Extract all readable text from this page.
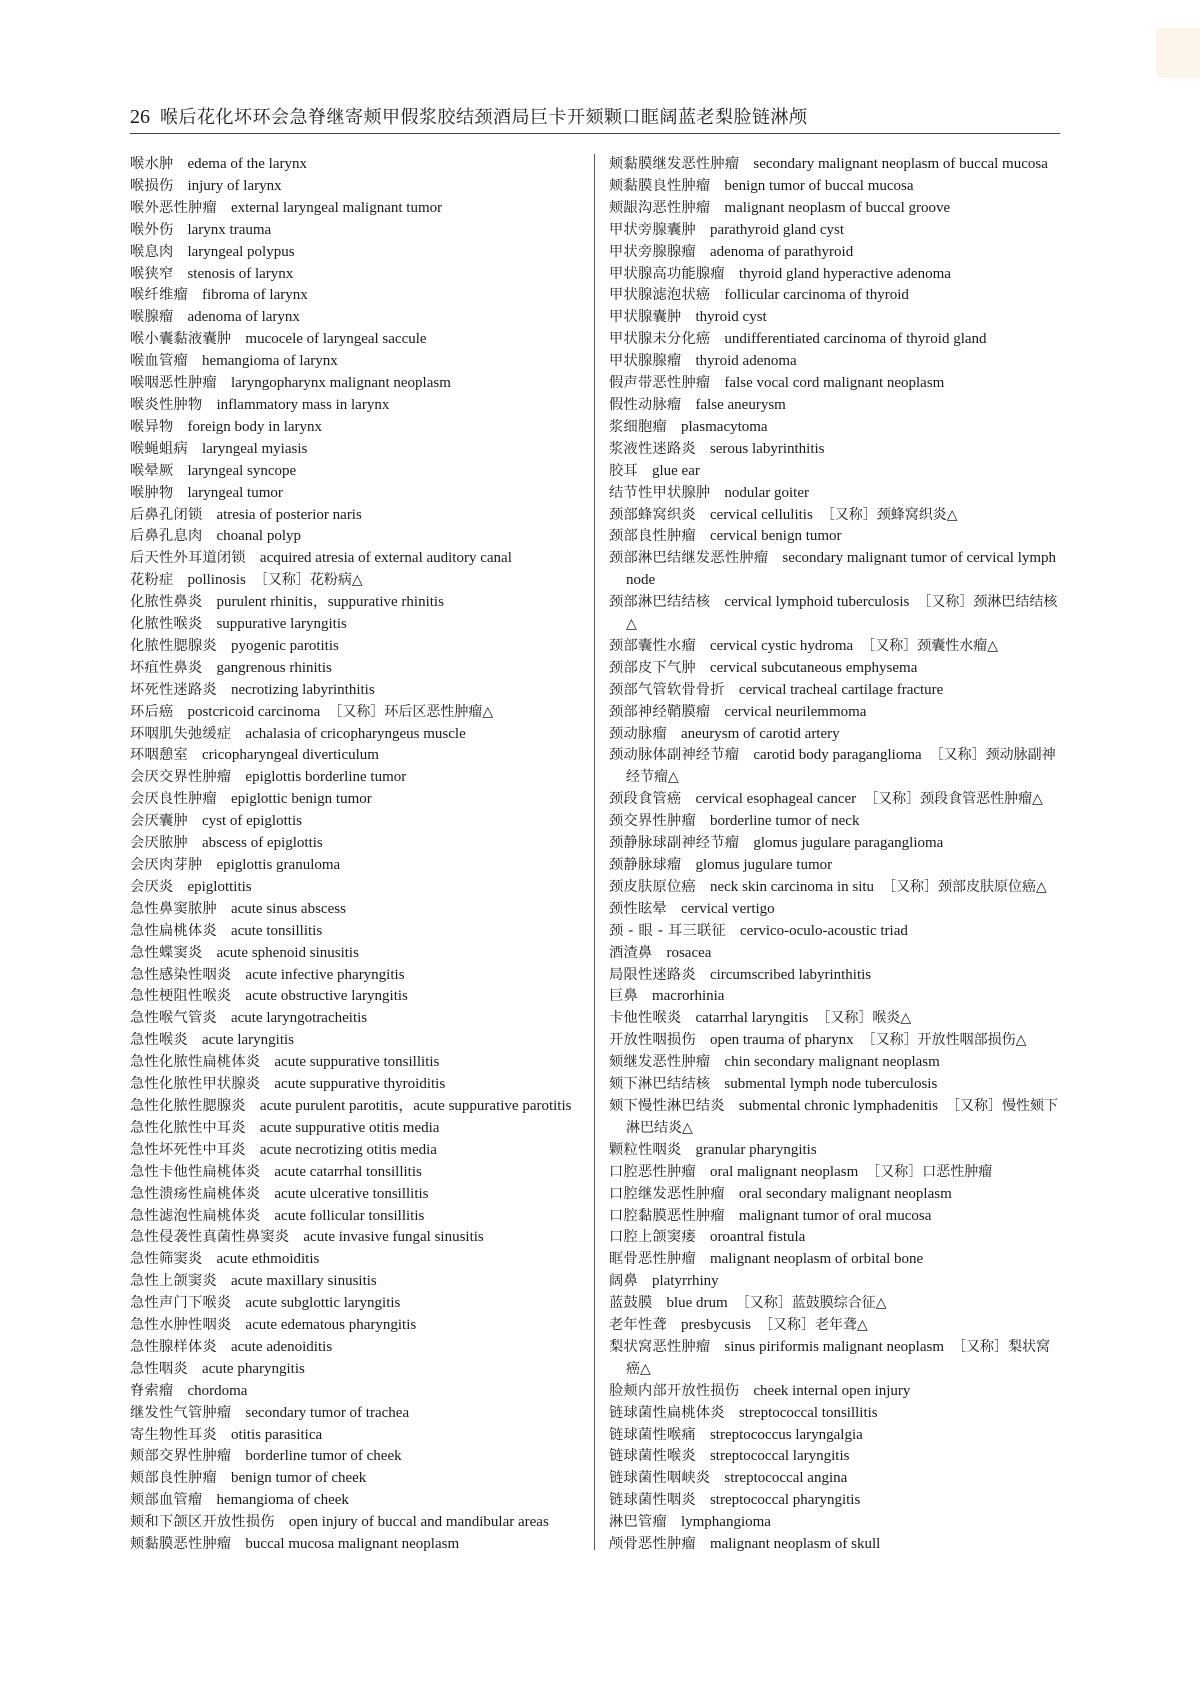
26 喉后花化坏环会急脊继寄颊甲假浆胶结颈酒局巨卡开颏颗口眶阔蓝老梨脸链淋颅
喉水肿 edema of the larynx
喉损伤 injury of larynx
喉外恶性肿瘤 external laryngeal malignant tumor
喉外伤 larynx trauma
喉息肉 laryngeal polypus
喉狭窄 stenosis of larynx
喉纤维瘤 fibroma of larynx
喉腺瘤 adenoma of larynx
喉小囊黏液囊肿 mucocele of laryngeal saccule
喉血管瘤 hemangioma of larynx
喉咽恶性肿瘤 laryngopharynx malignant neoplasm
喉炎性肿物 inflammatory mass in larynx
喉异物 foreign body in larynx
喉蝇蛆病 laryngeal myiasis
喉晕厥 laryngeal syncope
喉肿物 laryngeal tumor
后鼻孔闭锁 atresia of posterior naris
后鼻孔息肉 choanal polyp
后天性外耳道闭锁 acquired atresia of external auditory canal
花粉症 pollinosis ［又称］花粉病△
化脓性鼻炎 purulent rhinitis，suppurative rhinitis
化脓性喉炎 suppurative laryngitis
化脓性腮腺炎 pyogenic parotitis
坏疽性鼻炎 gangrenous rhinitis
坏死性迷路炎 necrotizing labyrinthitis
环后癌 postcricoid carcinoma ［又称］环后区恶性肿瘤△
环咽肌失弛缓症 achalasia of cricopharyngeus muscle
环咽憩室 cricopharyngeal diverticulum
会厌交界性肿瘤 epiglottis borderline tumor
会厌良性肿瘤 epiglottic benign tumor
会厌囊肿 cyst of epiglottis
会厌脓肿 abscess of epiglottis
会厌肉芽肿 epiglottis granuloma
会厌炎 epiglottitis
急性鼻窦脓肿 acute sinus abscess
急性扁桃体炎 acute tonsillitis
急性蝶窦炎 acute sphenoid sinusitis
急性感染性咽炎 acute infective pharyngitis
急性梗阻性喉炎 acute obstructive laryngitis
急性喉气管炎 acute laryngotracheitis
急性喉炎 acute laryngitis
急性化脓性扁桃体炎 acute suppurative tonsillitis
急性化脓性甲状腺炎 acute suppurative thyroiditis
急性化脓性腮腺炎 acute purulent parotitis，acute suppurative parotitis
急性化脓性中耳炎 acute suppurative otitis media
急性坏死性中耳炎 acute necrotizing otitis media
急性卡他性扁桃体炎 acute catarrhal tonsillitis
急性溃疡性扁桃体炎 acute ulcerative tonsillitis
急性滤泡性扁桃体炎 acute follicular tonsillitis
急性侵袭性真菌性鼻窦炎 acute invasive fungal sinusitis
急性筛窦炎 acute ethmoiditis
急性上颌窦炎 acute maxillary sinusitis
急性声门下喉炎 acute subglottic laryngitis
急性水肿性咽炎 acute edematous pharyngitis
急性腺样体炎 acute adenoiditis
急性咽炎 acute pharyngitis
脊索瘤 chordoma
继发性气管肿瘤 secondary tumor of trachea
寄生物性耳炎 otitis parasitica
颊部交界性肿瘤 borderline tumor of cheek
颊部良性肿瘤 benign tumor of cheek
颊部血管瘤 hemangioma of cheek
颊和下颌区开放性损伤 open injury of buccal and mandibular areas
颊黏膜恶性肿瘤 buccal mucosa malignant neoplasm
颊黏膜继发恶性肿瘤 secondary malignant neoplasm of buccal mucosa
颊黏膜良性肿瘤 benign tumor of buccal mucosa
颊龈沟恶性肿瘤 malignant neoplasm of buccal groove
甲状旁腺囊肿 parathyroid gland cyst
甲状旁腺腺瘤 adenoma of parathyroid
甲状腺高功能腺瘤 thyroid gland hyperactive adenoma
甲状腺滤泡状癌 follicular carcinoma of thyroid
甲状腺囊肿 thyroid cyst
甲状腺未分化癌 undifferentiated carcinoma of thyroid gland
甲状腺腺瘤 thyroid adenoma
假声带恶性肿瘤 false vocal cord malignant neoplasm
假性动脉瘤 false aneurysm
浆细胞瘤 plasmacytoma
浆液性迷路炎 serous labyrinthitis
胶耳 glue ear
结节性甲状腺肿 nodular goiter
颈部蜂窝织炎 cervical cellulitis ［又称］颈蜂窝织炎△
颈部良性肿瘤 cervical benign tumor
颈部淋巴结继发恶性肿瘤 secondary malignant tumor of cervical lymph node
颈部淋巴结结核 cervical lymphoid tuberculosis ［又称］颈淋巴结结核△
颈部囊性水瘤 cervical cystic hydroma ［又称］颈囊性水瘤△
颈部皮下气肿 cervical subcutaneous emphysema
颈部气管软骨骨折 cervical tracheal cartilage fracture
颈部神经鞘膜瘤 cervical neurilemmoma
颈动脉瘤 aneurysm of carotid artery
颈动脉体副神经节瘤 carotid body paraganglioma ［又称］颈动脉副神经节瘤△
颈段食管癌 cervical esophageal cancer ［又称］颈段食管恶性肿瘤△
颈交界性肿瘤 borderline tumor of neck
颈静脉球副神经节瘤 glomus jugulare paraganglioma
颈静脉球瘤 glomus jugulare tumor
颈皮肤原位癌 neck skin carcinoma in situ ［又称］颈部皮肤原位癌△
颈性眩晕 cervical vertigo
颈 - 眼 - 耳三联征 cervico-oculo-acoustic triad
酒渣鼻 rosacea
局限性迷路炎 circumscribed labyrinthitis
巨鼻 macrorhinia
卡他性喉炎 catarrhal laryngitis ［又称］喉炎△
开放性咽损伤 open trauma of pharynx ［又称］开放性咽部损伤△
颏继发恶性肿瘤 chin secondary malignant neoplasm
颏下淋巴结结核 submental lymph node tuberculosis
颏下慢性淋巴结炎 submental chronic lymphadenitis ［又称］慢性颏下淋巴结炎△
颗粒性咽炎 granular pharyngitis
口腔恶性肿瘤 oral malignant neoplasm ［又称］口恶性肿瘤
口腔继发恶性肿瘤 oral secondary malignant neoplasm
口腔黏膜恶性肿瘤 malignant tumor of oral mucosa
口腔上颌窦瘘 oroantral fistula
眶骨恶性肿瘤 malignant neoplasm of orbital bone
阔鼻 platyrrhiny
蓝鼓膜 blue drum ［又称］蓝鼓膜综合征△
老年性聋 presbycusis ［又称］老年聋△
梨状窝恶性肿瘤 sinus piriformis malignant neoplasm ［又称］梨状窝癌△
脸颊内部开放性损伤 cheek internal open injury
链球菌性扁桃体炎 streptococcal tonsillitis
链球菌性喉痛 streptococcus laryngalgia
链球菌性喉炎 streptococcal laryngitis
链球菌性咽峡炎 streptococcal angina
链球菌性咽炎 streptococcal pharyngitis
淋巴管瘤 lymphangioma
颅骨恶性肿瘤 malignant neoplasm of skull
